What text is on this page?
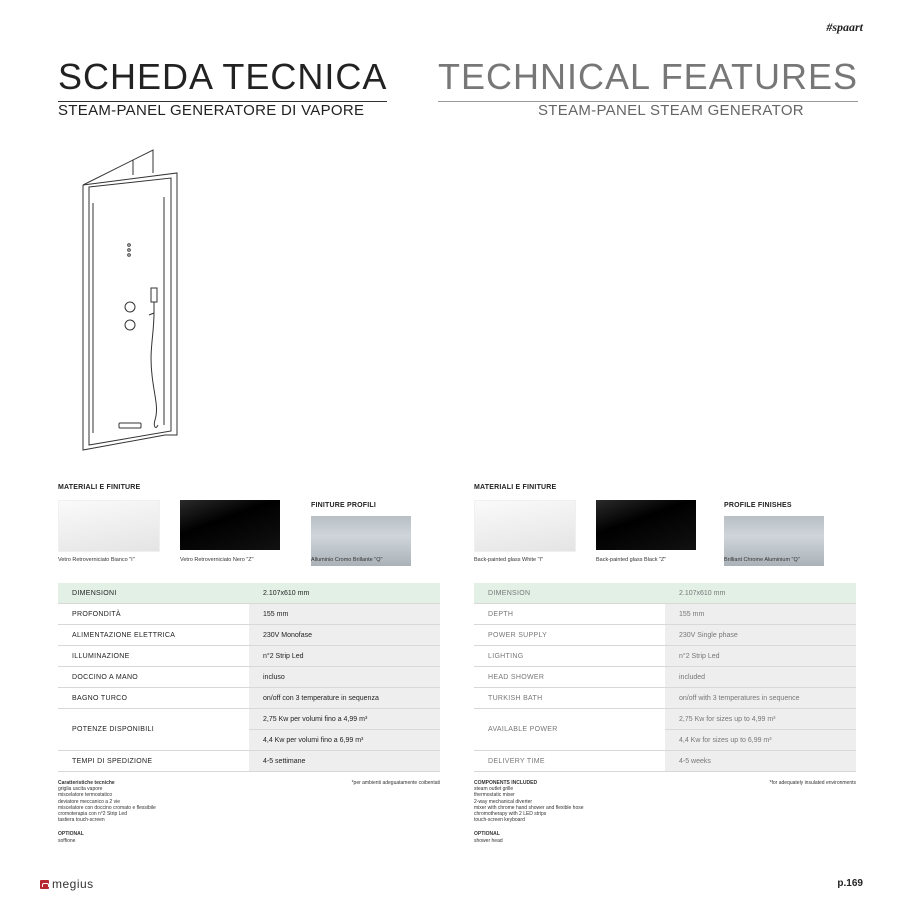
#spaart
SCHEDA TECNICA TECHNICAL FEATURES
STEAM-PANEL GENERATORE DI VAPORE	STEAM-PANEL STEAM GENERATOR
MATERIALI E FINITURE
FINITURE PROFILI
Vetro Retroverniciato Bianco "I"	Vetro Retroverniciato Nero "Z"	Alluminio Cromo Brillante "Q"
MATERIALI E FINITURE
PROFILE FINISHES
Back-painted glass White "I"	Back-painted glass Black "Z"	Brilliant Chrome Aluminium "Q"
DIMENSIONI	2.107x610 mm
PROFONDITÀ	155 mm
ALIMENTAZIONE ELETTRICA	230V Monofase
ILLUMINAZIONE	n°2 Strip Led
DOCCINO A MANO	incluso
BAGNO TURCO	on/off con 3 temperature in sequenza
POTENZE DISPONIBILI	2,75 Kw per volumi fino a 4,99 m³
	4,4 Kw per volumi fino a 6,99 m³
TEMPI DI SPEDIZIONE	4-5 settimane
DIMENSION	2.107x610 mm
DEPTH	155 mm
POWER SUPPLY	230V Single phase
LIGHTING	n°2 Strip Led
HEAD SHOWER	included
TURKISH BATH	on/off with 3 temperatures in sequence
AVAILABLE POWER	2,75 Kw for sizes up to 4,99 m³
	4,4 Kw for sizes up to 6,99 m³
DELIVERY TIME	4-5 weeks
*per ambienti adeguatamente coibentati
Caratteristiche tecniche
griglia uscita vapore
miscelatore termostatico
deviatore meccanico a 2 vie
miscelatore con doccino cromato e flessibile
cromoterapia con n°2 Strip Led
tastiera touch-screen
OPTIONAL
soffione
*for adequately insulated environments
COMPONENTS INCLUDED
steam outlet grille
thermostatic mixer
2-way mechanical diverter
mixer with chrome hand shower and flexible hose
chromotherapy with 2 LED strips
touch-screen keyboard
OPTIONAL
shower head
megius	p.169
